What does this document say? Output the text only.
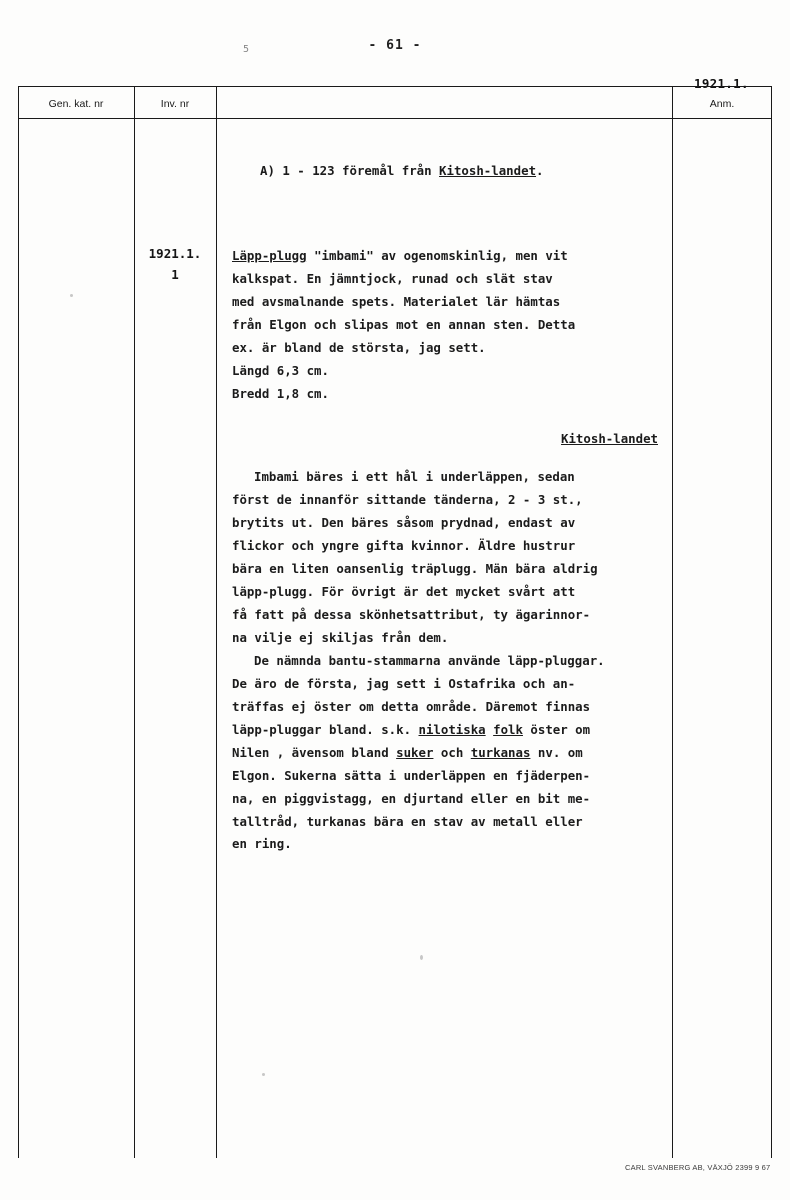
- 61 -
5
1921.1.
Gen. kat. nr	Inv. nr	Anm.
1921.1.
1
A) 1 - 123 föremål från Kitosh-landet.

Läpp-plugg "imbami" av ogenomskinlig, men vit
kalkspat. En jämntjock, runad och slät stav
med avsmalnande spets. Materialet lär hämtas
från Elgon och slipas mot en annan sten. Detta
ex. är bland de största, jag sett.
Längd 6,3 cm.
Bredd 1,8 cm.

Kitosh-landet

Imbami bäres i ett hål i underläppen, sedan
först de innanför sittande tänderna, 2 - 3 st.,
brytits ut. Den bäres såsom prydnad, endast av
flickor och yngre gifta kvinnor. Äldre hustrur
bära en liten oansenlig träplugg. Män bära aldrig
läpp-plugg. För övrigt är det mycket svårt att
få fatt på dessa skönhetsattribut, ty ägarinnor-
na vilje ej skiljas från dem.

De nämnda bantu-stammarna använde läpp-pluggar.
De äro de första, jag sett i Ostafrika och an-
träffas ej öster om detta område. Däremot finnas
läpp-pluggar bland. s.k. nilotiska folk öster om
Nilen , ävensom bland suker och turkanas nv. om
Elgon. Sukerna sätta i underläppen en fjäderpen-
na, en piggvistagg, en djurtand eller en bit me-
talltråd, turkanas bära en stav av metall eller
en ring.

CARL SVANBERG AB, VÄXJÖ 2399 9 67
